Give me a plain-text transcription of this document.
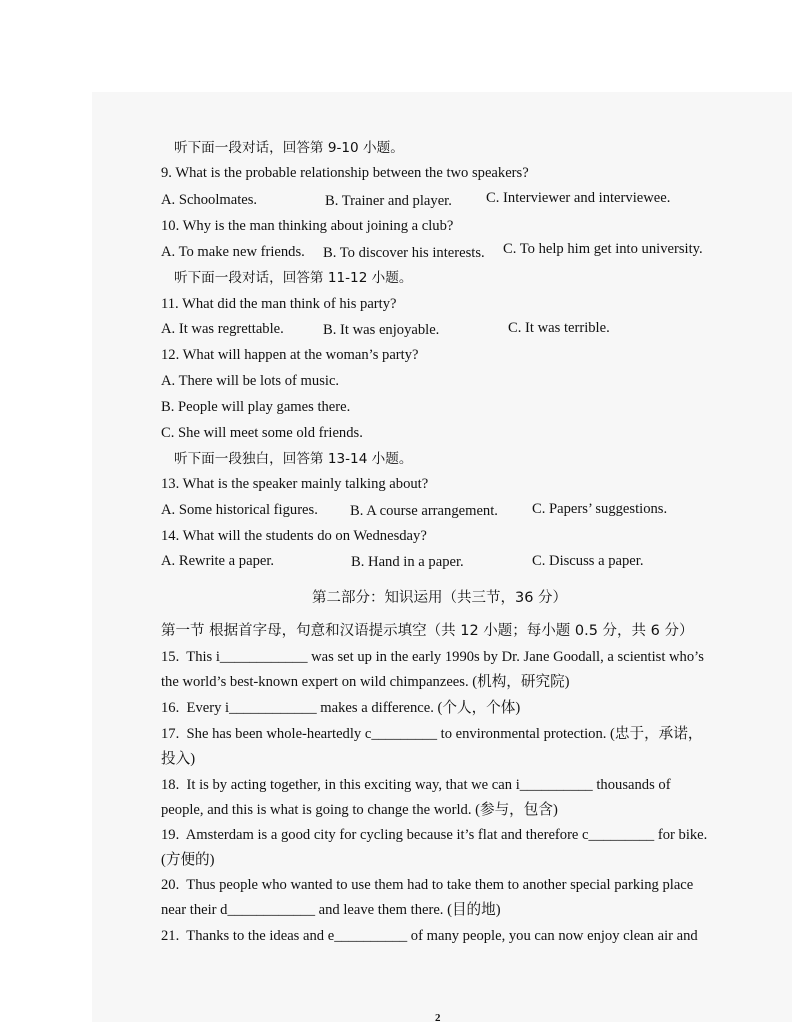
听下面一段对话，回答第 9-10 小题。
9. What is the probable relationship between the two speakers?
A. Schoolmates.	B. Trainer and player. C. Interviewer and interviewee.
10. Why is the man thinking about joining a club?
A. To make new friends. B. To discover his interests. C. To help him get into university.
听下面一段对话，回答第 11-12 小题。
11. What did the man think of his party?
A. It was regrettable.	B. It was enjoyable.	C. It was terrible.
12. What will happen at the woman’s party?
A. There will be lots of music.
B. People will play games there.
C. She will meet some old friends.
听下面一段独白，回答第 13-14 小题。
13. What is the speaker mainly talking about?
A. Some historical figures. B. A course arrangement. C. Papers’ suggestions.
14. What will the students do on Wednesday?
A. Rewrite a paper.	B. Hand in a paper.	C. Discuss a paper.
第二部分：知识运用（共三节，36 分）
第一节 根据首字母，句意和汉语提示填空（共 12 小题；每小题 0.5 分，共 6 分）
15.  This i____________ was set up in the early 1990s by Dr. Jane Goodall, a scientist who’s
the world’s best-known expert on wild chimpanzees. (机构，研究院)
16.  Every i____________ makes a difference. (个人，个体)
17.  She has been whole-heartedly c_________ to environmental protection. (忠于，承诺，
投入)
18.  It is by acting together, in this exciting way, that we can i__________ thousands of
people, and this is what is going to change the world. (参与，包含)
19.  Amsterdam is a good city for cycling because it’s flat and therefore c_________ for bike.
(方便的)
20.  Thus people who wanted to use them had to take them to another special parking place
near their d____________ and leave them there. (目的地)
21.  Thanks to the ideas and e__________ of many people, you can now enjoy clean air and
2
